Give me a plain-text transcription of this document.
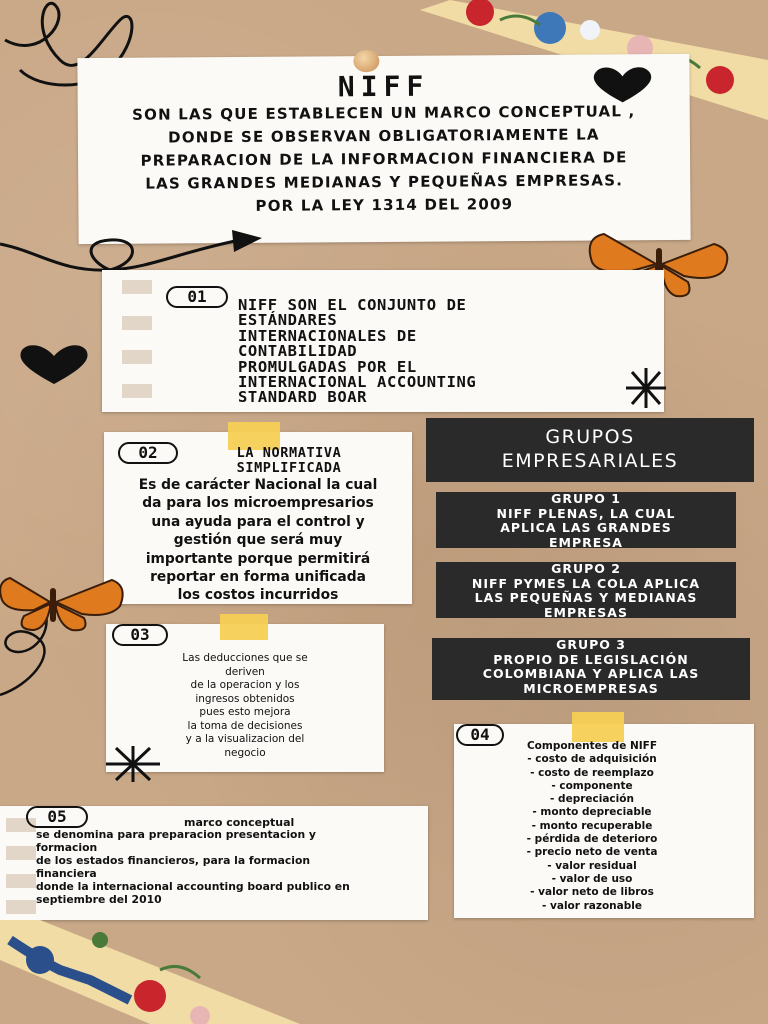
NIFF
SON LAS QUE ESTABLECEN UN MARCO CONCEPTUAL ,
DONDE SE OBSERVAN OBLIGATORIAMENTE LA
PREPARACION DE LA INFORMACION FINANCIERA DE
LAS GRANDES MEDIANAS Y PEQUEÑAS EMPRESAS.
POR LA LEY 1314 DEL 2009
01	NIFF SON EL CONJUNTO DE
ESTÁNDARES
INTERNACIONALES DE
CONTABILIDAD
PROMULGADAS POR EL
INTERNACIONAL ACCOUNTING
STANDARD BOAR
02	LA NORMATIVA
SIMPLIFICADA
Es de carácter Nacional la cual
da para los microempresarios
una ayuda para el control y
gestión que será muy
importante porque permitirá
reportar en forma unificada
los costos incurridos
03
Las deducciones que se
deriven
de la operacion y los
ingresos obtenidos
pues esto mejora
la toma de decisiones
y a la visualizacion del
negocio
GRUPOS
EMPRESARIALES
GRUPO 1
NIFF PLENAS, LA CUAL
APLICA LAS GRANDES
EMPRESA
GRUPO 2
NIFF PYMES LA COLA APLICA
LAS PEQUEÑAS Y MEDIANAS
EMPRESAS
GRUPO 3
PROPIO DE LEGISLACIÓN
COLOMBIANA Y APLICA LAS
MICROEMPRESAS
04
Componentes de NIFF
- costo de adquisición
- costo de reemplazo
- componente
- depreciación
- monto depreciable
- monto recuperable
- pérdida de deterioro
- precio neto de venta
- valor residual
- valor de uso
- valor neto de libros
- valor razonable
05	marco conceptual
se denomina para preparacion presentacion y
formacion
de los estados financieros, para la formacion
financiera
donde la internacional accounting board publico en
septiembre del 2010
